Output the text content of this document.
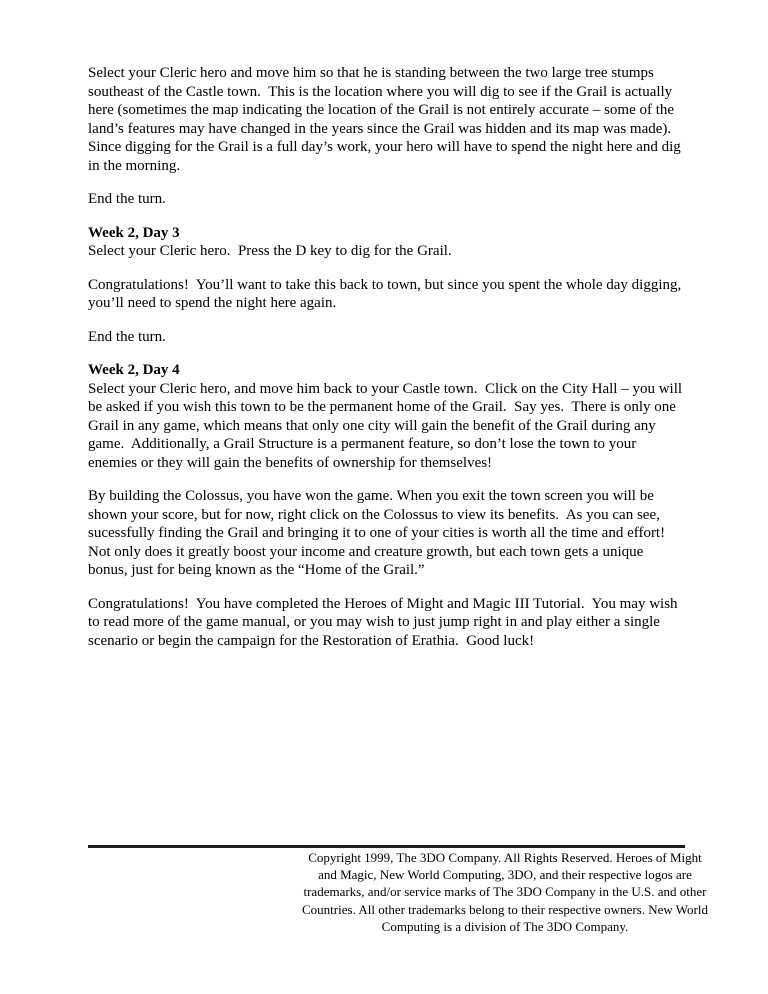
Select your Cleric hero and move him so that he is standing between the two large tree stumps southeast of the Castle town.  This is the location where you will dig to see if the Grail is actually here (sometimes the map indicating the location of the Grail is not entirely accurate – some of the land’s features may have changed in the years since the Grail was hidden and its map was made).  Since digging for the Grail is a full day’s work, your hero will have to spend the night here and dig in the morning.

End the turn.

Week 2, Day 3
Select your Cleric hero.  Press the D key to dig for the Grail.

Congratulations!  You’ll want to take this back to town, but since you spent the whole day digging, you’ll need to spend the night here again.

End the turn.

Week 2, Day 4
Select your Cleric hero, and move him back to your Castle town.  Click on the City Hall – you will be asked if you wish this town to be the permanent home of the Grail.  Say yes.  There is only one Grail in any game, which means that only one city will gain the benefit of the Grail during any game.  Additionally, a Grail Structure is a permanent feature, so don’t lose the town to your enemies or they will gain the benefits of ownership for themselves!

By building the Colossus, you have won the game. When you exit the town screen you will be shown your score, but for now, right click on the Colossus to view its benefits.  As you can see, sucessfully finding the Grail and bringing it to one of your cities is worth all the time and effort! Not only does it greatly boost your income and creature growth, but each town gets a unique bonus, just for being known as the “Home of the Grail.”

Congratulations!  You have completed the Heroes of Might and Magic III Tutorial.  You may wish to read more of the game manual, or you may wish to just jump right in and play either a single scenario or begin the campaign for the Restoration of Erathia.  Good luck!

Copyright 1999, The 3DO Company. All Rights Reserved. Heroes of Might and Magic, New World Computing, 3DO, and their respective logos are trademarks, and/or service marks of The 3DO Company in the U.S. and other Countries. All other trademarks belong to their respective owners. New World Computing is a division of The 3DO Company.
